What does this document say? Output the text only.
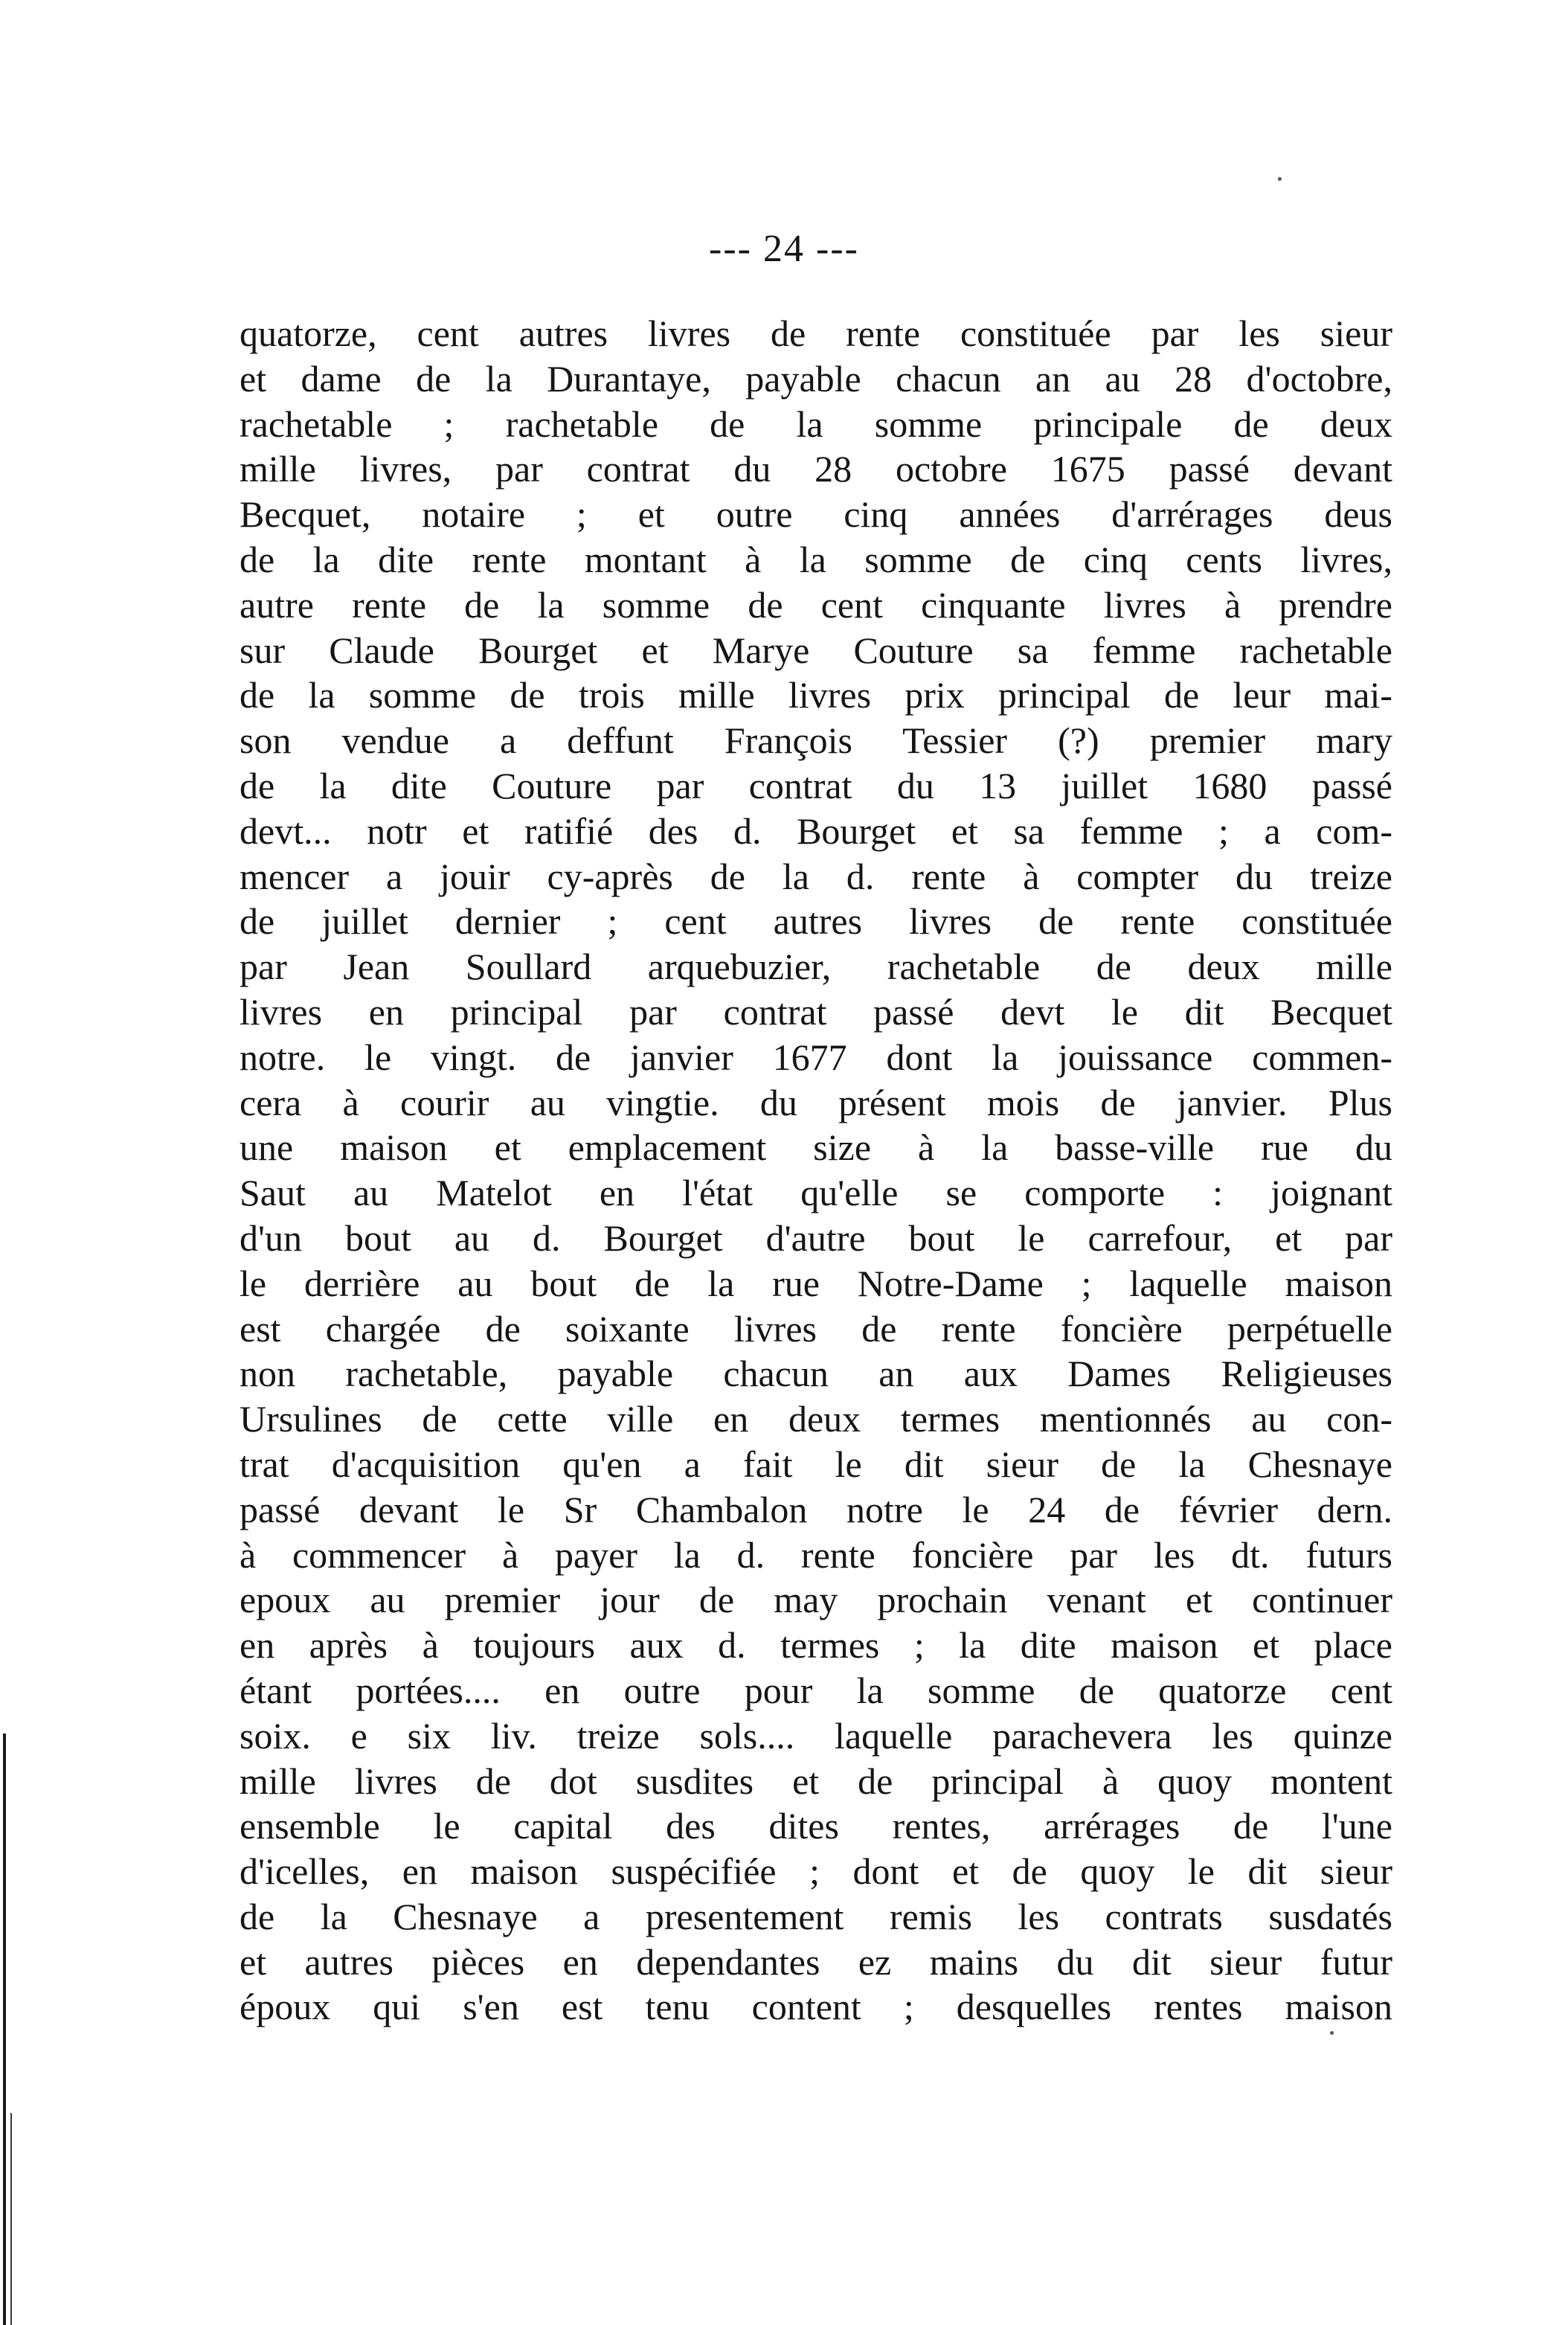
--- 24 ---
quatorze, cent autres livres de rente constituée par les sieur
et dame de la Durantaye, payable chacun an au 28 d'octobre,
rachetable ; rachetable de la somme principale de deux
mille livres, par contrat du 28 octobre 1675 passé devant
Becquet, notaire ; et outre cinq années d'arrérages deus
de la dite rente montant à la somme de cinq cents livres,
autre rente de la somme de cent cinquante livres à prendre
sur Claude Bourget et Marye Couture sa femme rachetable
de la somme de trois mille livres prix principal de leur mai-
son vendue a deffunt François Tessier (?) premier mary
de la dite Couture par contrat du 13 juillet 1680 passé
devt... notr et ratifié des d. Bourget et sa femme ; a com-
mencer a jouir cy-après de la d. rente à compter du treize
de juillet dernier ; cent autres livres de rente constituée
par Jean Soullard arquebuzier, rachetable de deux mille
livres en principal par contrat passé devt le dit Becquet
notre. le vingt. de janvier 1677 dont la jouissance commen-
cera à courir au vingtie. du présent mois de janvier. Plus
une maison et emplacement size à la basse-ville rue du
Saut au Matelot en l'état qu'elle se comporte : joignant
d'un bout au d. Bourget d'autre bout le carrefour, et par
le derrière au bout de la rue Notre-Dame ; laquelle maison
est chargée de soixante livres de rente foncière perpétuelle
non rachetable, payable chacun an aux Dames Religieuses
Ursulines de cette ville en deux termes mentionnés au con-
trat d'acquisition qu'en a fait le dit sieur de la Chesnaye
passé devant le Sr Chambalon notre le 24 de février dern.
à commencer à payer la d. rente foncière par les dt. futurs
epoux au premier jour de may prochain venant et continuer
en après à toujours aux d. termes ; la dite maison et place
étant portées.... en outre pour la somme de quatorze cent
soix. e six liv. treize sols.... laquelle parachevera les quinze
mille livres de dot susdites et de principal à quoy montent
ensemble le capital des dites rentes, arrérages de l'une
d'icelles, en maison suspécifiée ; dont et de quoy le dit sieur
de la Chesnaye a presentement remis les contrats susdatés
et autres pièces en dependantes ez mains du dit sieur futur
époux qui s'en est tenu content ; desquelles rentes maison
